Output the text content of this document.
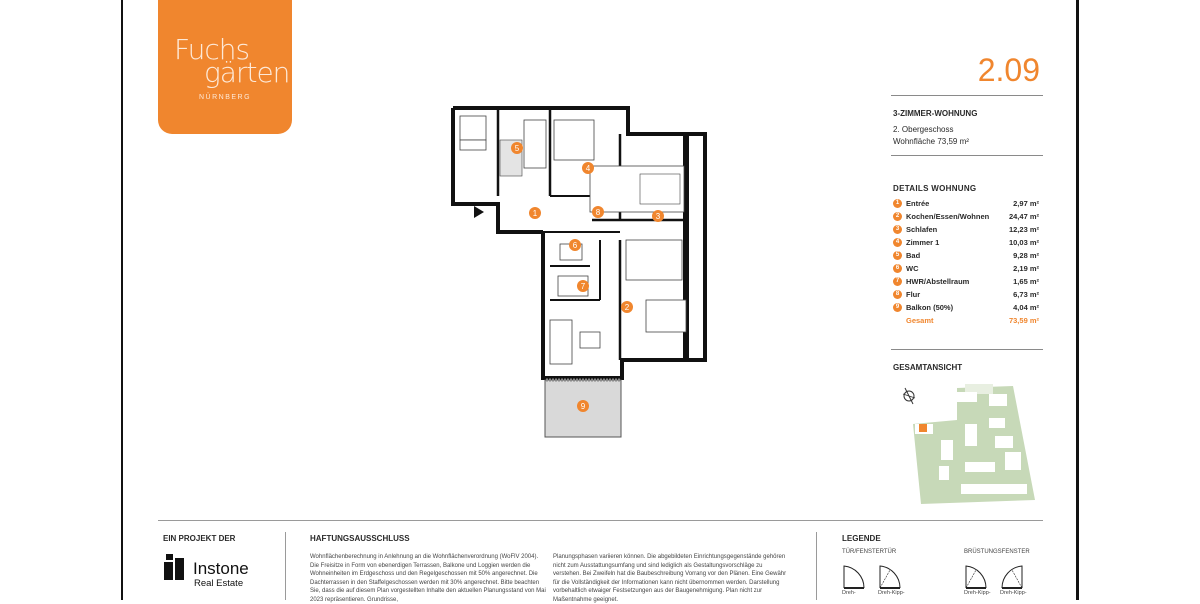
Fuchs
gärten
NÜRNBERG
2.09
3-ZIMMER-WOHNUNG
2. Obergeschoss
Wohnfläche 73,59 m²
DETAILS WOHNUNG
1 Entrée	2,97 m²
2 Kochen/Essen/Wohnen	24,47 m²
3 Schlafen	12,23 m²
4 Zimmer 1	10,03 m²
5 Bad	9,28 m²
6 WC	2,19 m²
7 HWR/Abstellraum	1,65 m²
8 Flur	6,73 m²
9 Balkon (50%)	4,04 m²
Gesamt	73,59 m²
GESAMTANSICHT
1
2
3
4
5
6
7
8
9
EIN PROJEKT DER
Instone
Real Estate
HAFTUNGSAUSSCHLUSS
Wohnflächenberechnung in Anlehnung an die Wohnflächenverordnung (WoFlV 2004). Die Freisitze in Form von ebenerdigen Terrassen, Balkone und Loggien werden die Wohneinheiten im Erdgeschoss und den Regelgeschossen mit 50% angerechnet. Die Dachterrassen in den Staffelgeschossen werden mit 30% angerechnet. Bitte beachten Sie, dass die auf diesem Plan vorgestellten Inhalte den aktuellen Planungsstand von Mai 2023 repräsentieren. Grundrisse,
Planungsphasen variieren können. Die abgebildeten Einrichtungsgegenstände gehören nicht zum Ausstattungsumfang und sind lediglich als Gestaltungsvorschläge zu verstehen. Bei Zweifeln hat die Baubeschreibung Vorrang vor den Plänen. Eine Gewähr für die Vollständigkeit der Informationen kann nicht übernommen werden. Darstellung vorbehaltlich etwaiger Festsetzungen aus der Baugenehmigung. Plan nicht zur Maßentnahme geeignet.
LEGENDE
TÜR/FENSTERTÜR	BRÜSTUNGSFENSTER
Dreh-	Dreh-Kipp-	Dreh-Kipp- Dreh-Kipp-
